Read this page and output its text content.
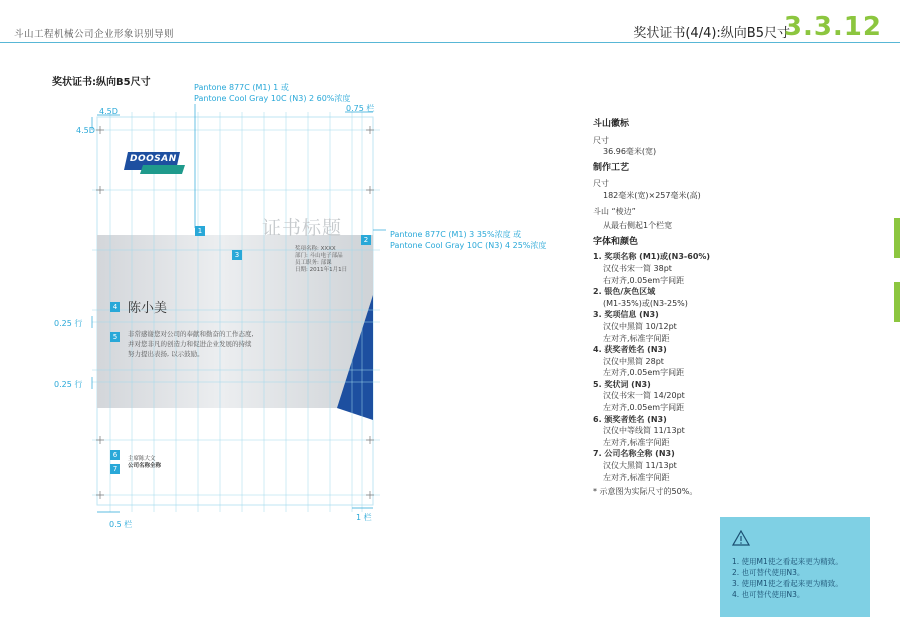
斗山工程机械公司企业形象识别导则	奖状证书(4/4):纵向B5尺寸
3.3.12
奖状证书:纵向B5尺寸	Pantone 877C (M1) 1 或
Pantone Cool Gray 10C (N3) 2 60%浓度
Pantone 877C (M1) 3 35%浓度 或
Pantone Cool Gray 10C (N3) 4 25%浓度
4.5D
4.5D
0.75 栏
0.25 行
0.25 行
0.5 栏
1 栏
DOOSAN
证书标题
奖项名称: XXXX
部门: 斗山电子部品
员工职务: 部课
日期: 2011年1月1日
陈小美
非常感谢您对公司的奉献和勤奋的工作态度,
并对您非凡的创造力和促进企业发展的持续
努力提出表扬, 以示鼓励。
主席陈大文
公司名称全称
1
2
3
4
5
6
7
斗山徽标
尺寸
36.96毫米(宽)
制作工艺
尺寸
182毫米(宽)×257毫米(高)
斗山 “棱边”
从最右侧起1个栏宽
字体和颜色
1. 奖项名称 (M1)或(N3-60%)
汉仪书宋一简 38pt
右对齐,0.05em字间距
2. 银色/灰色区域
(M1-35%)或(N3-25%)
3. 奖项信息 (N3)
汉仪中黑简 10/12pt
左对齐,标准字间距
4. 获奖者姓名 (N3)
汉仪中黑简 28pt
左对齐,0.05em字间距
5. 奖状词 (N3)
汉仪书宋一简 14/20pt
左对齐,0.05em字间距
6. 颁奖者姓名 (N3)
汉仪中等线简 11/13pt
左对齐,标准字间距
7. 公司名称全称 (N3)
汉仪大黑简 11/13pt
左对齐,标准字间距
* 示意图为实际尺寸的50%。
1. 使用M1使之看起来更为精致。
2. 也可替代使用N3。
3. 使用M1使之看起来更为精致。
4. 也可替代使用N3。
